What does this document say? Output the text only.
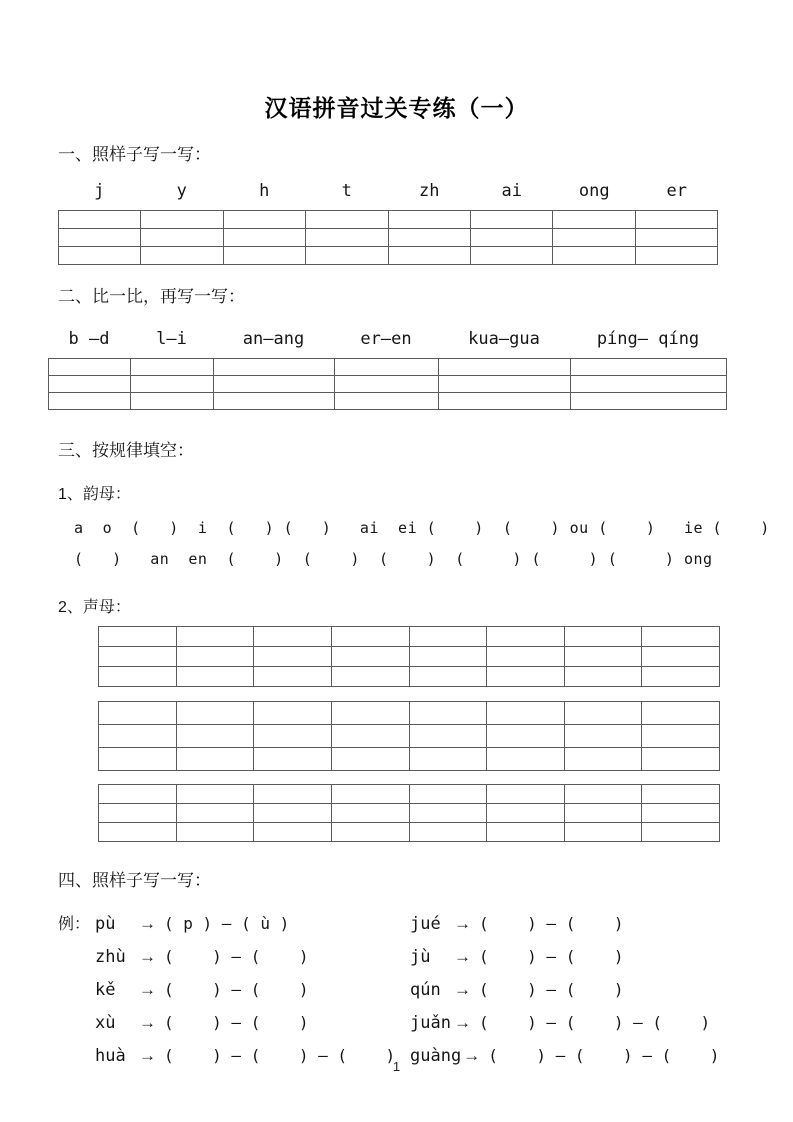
汉语拼音过关专练（一）
一、照样子写一写：
j	y	h	t	zh	ai	ong	er

二、比一比，再写一写：
b —d	l—i	an—ang	er—en	kua—gua	píng— qíng

三、按规律填空：
1、韵母：
a  o  (   )  i  (   ) (   )   ai  ei (    )  (    ) ou (    )   ie (    )
(   )   an  en  (    )  (    )  (    )  (     ) (     ) (     ) ong
2、声母：

四、照样子写一写：
例： pù	→ ( p ) — ( ù )	jué → (    ) — (    )
zhù → (    ) — (    )	jù	→ (    ) — (    )
kě	→ (    ) — (    )	qún → (    ) — (    )
xù	→ (    ) — (    )	juǎn → (    ) — (    ) — (    )
huà → (    ) — (    ) — (    ) guàng → (    ) — (    ) — (    )
1
